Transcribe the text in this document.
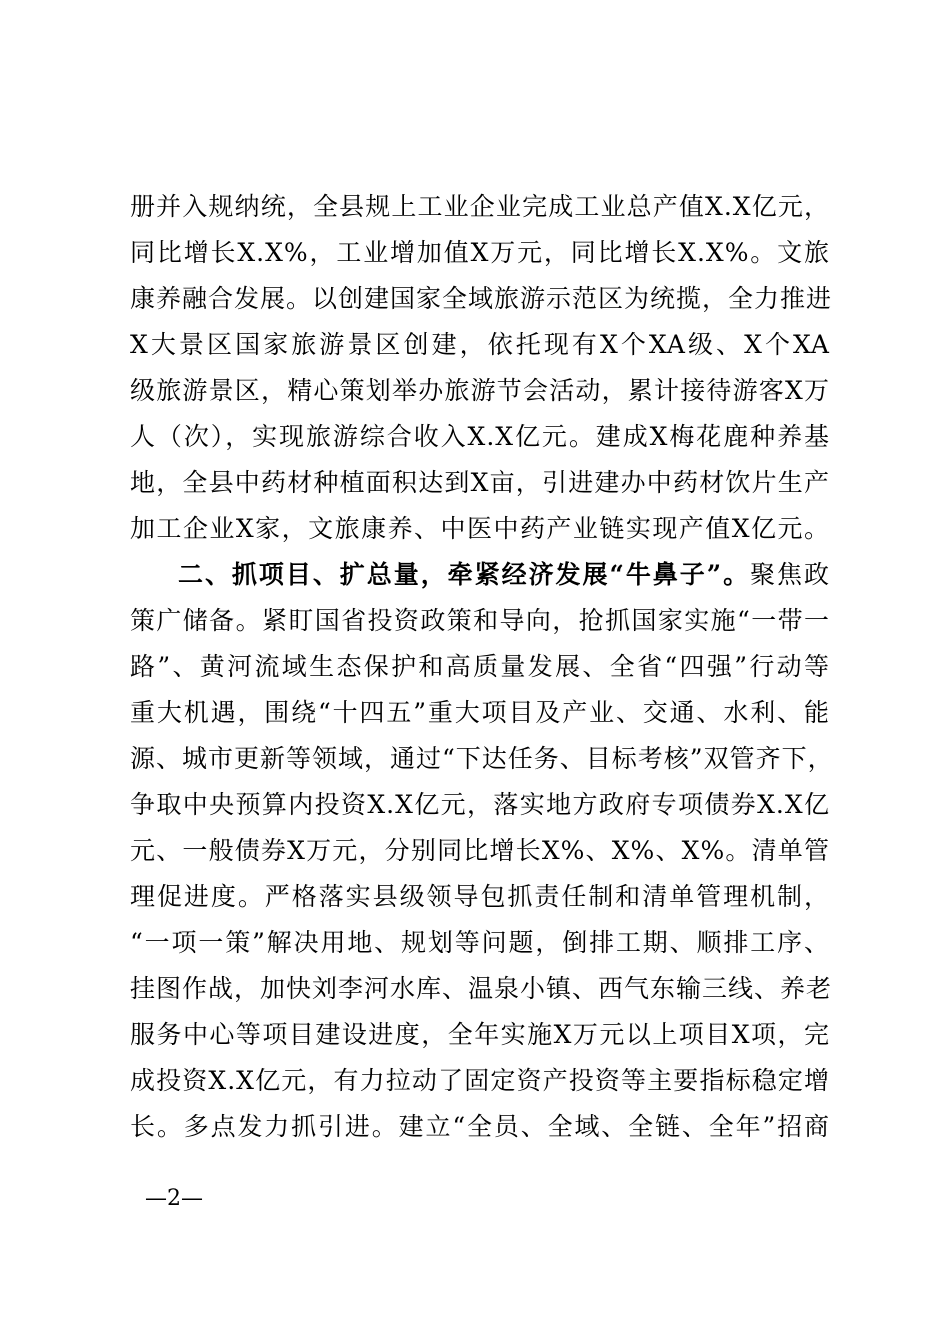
册并入规纳统，全县规上工业企业完成工业总产值X.X亿元，
同比增长X.X%，工业增加值X万元，同比增长X.X%。文旅
康养融合发展。以创建国家全域旅游示范区为统揽，全力推进
X大景区国家旅游景区创建，依托现有X个XA级、X个XA
级旅游景区，精心策划举办旅游节会活动，累计接待游客X万
人（次），实现旅游综合收入X.X亿元。建成X梅花鹿种养基
地，全县中药材种植面积达到X亩，引进建办中药材饮片生产
加工企业X家，文旅康养、中医中药产业链实现产值X亿元。
二、抓项目、扩总量，牵紧经济发展“牛鼻子”。聚焦政
策广储备。紧盯国省投资政策和导向，抢抓国家实施“一带一
路”、黄河流域生态保护和高质量发展、全省“四强”行动等
重大机遇，围绕“十四五”重大项目及产业、交通、水利、能
源、城市更新等领域，通过“下达任务、目标考核”双管齐下，
争取中央预算内投资X.X亿元，落实地方政府专项债券X.X亿
元、一般债券X万元，分别同比增长X%、X%、X%。清单管
理促进度。严格落实县级领导包抓责任制和清单管理机制，
“一项一策”解决用地、规划等问题，倒排工期、顺排工序、
挂图作战，加快刘李河水库、温泉小镇、西气东输三线、养老
服务中心等项目建设进度，全年实施X万元以上项目X项，完
成投资X.X亿元，有力拉动了固定资产投资等主要指标稳定增
长。多点发力抓引进。建立“全员、全域、全链、全年”招商
—2—
